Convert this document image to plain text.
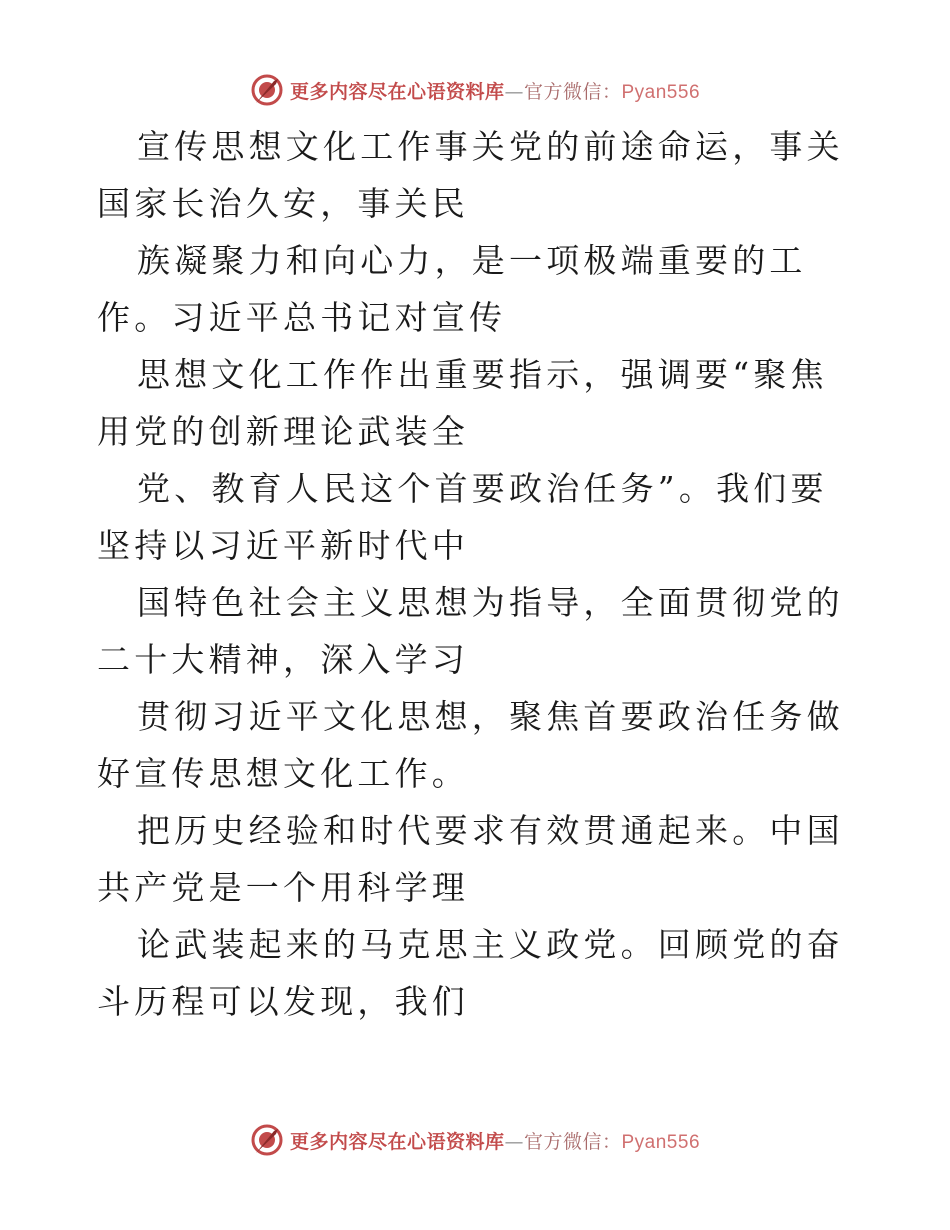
更多内容尽在心语资料库—官方微信：Pyan556

宣传思想文化工作事关党的前途命运，事关国家长治久安，事关民

族凝聚力和向心力，是一项极端重要的工作。习近平总书记对宣传

思想文化工作作出重要指示，强调要“聚焦用党的创新理论武装全

党、教育人民这个首要政治任务”。我们要坚持以习近平新时代中

国特色社会主义思想为指导，全面贯彻党的二十大精神，深入学习

贯彻习近平文化思想，聚焦首要政治任务做好宣传思想文化工作。

把历史经验和时代要求有效贯通起来。中国共产党是一个用科学理

论武装起来的马克思主义政党。回顾党的奋斗历程可以发现，我们

更多内容尽在心语资料库—官方微信：Pyan556
